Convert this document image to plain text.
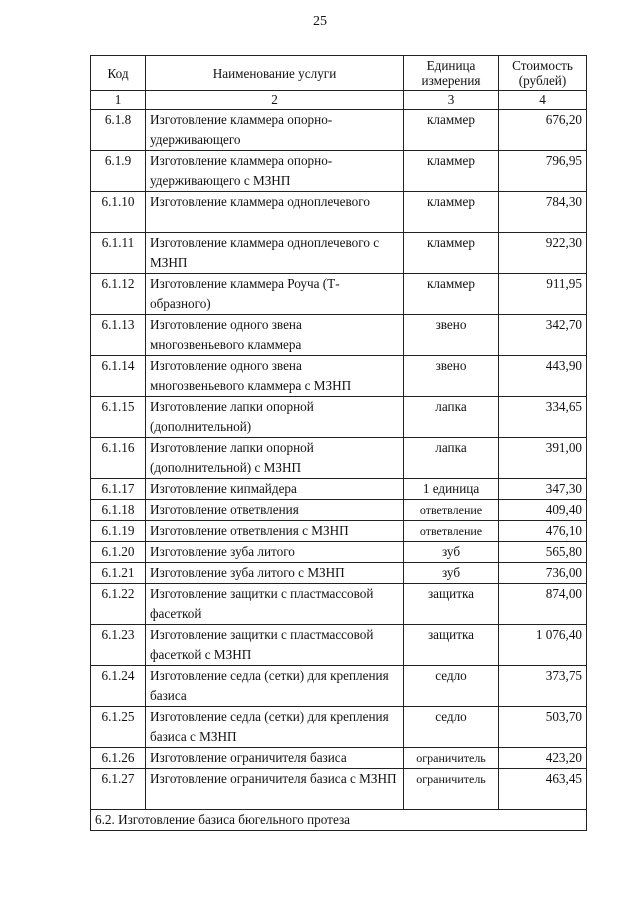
25
Код	Наименование услуги	Единица измерения	Стоимость (рублей)
1	2	3	4
6.1.8	Изготовление кламмера опорно-удерживающего	кламмер	676,20
6.1.9	Изготовление кламмера опорно-удерживающего с МЗНП	кламмер	796,95
6.1.10	Изготовление кламмера одноплечевого	кламмер	784,30
6.1.11	Изготовление кламмера одноплечевого с МЗНП	кламмер	922,30
6.1.12	Изготовление кламмера Роуча (Т-образного)	кламмер	911,95
6.1.13	Изготовление одного звена многозвеньевого кламмера	звено	342,70
6.1.14	Изготовление одного звена многозвеньевого кламмера с МЗНП	звено	443,90
6.1.15	Изготовление лапки опорной (дополнительной)	лапка	334,65
6.1.16	Изготовление лапки опорной (дополнительной) с МЗНП	лапка	391,00
6.1.17	Изготовление кипмайдера	1 единица	347,30
6.1.18	Изготовление ответвления	ответвление	409,40
6.1.19	Изготовление ответвления с МЗНП	ответвление	476,10
6.1.20	Изготовление зуба литого	зуб	565,80
6.1.21	Изготовление зуба литого с МЗНП	зуб	736,00
6.1.22	Изготовление защитки с пластмассовой фасеткой	защитка	874,00
6.1.23	Изготовление защитки с пластмассовой фасеткой с МЗНП	защитка	1 076,40
6.1.24	Изготовление седла (сетки) для крепления базиса	седло	373,75
6.1.25	Изготовление седла (сетки) для крепления базиса с МЗНП	седло	503,70
6.1.26	Изготовление ограничителя базиса	ограничитель	423,20
6.1.27	Изготовление ограничителя базиса с МЗНП	ограничитель	463,45
6.2. Изготовление базиса бюгельного протеза			
